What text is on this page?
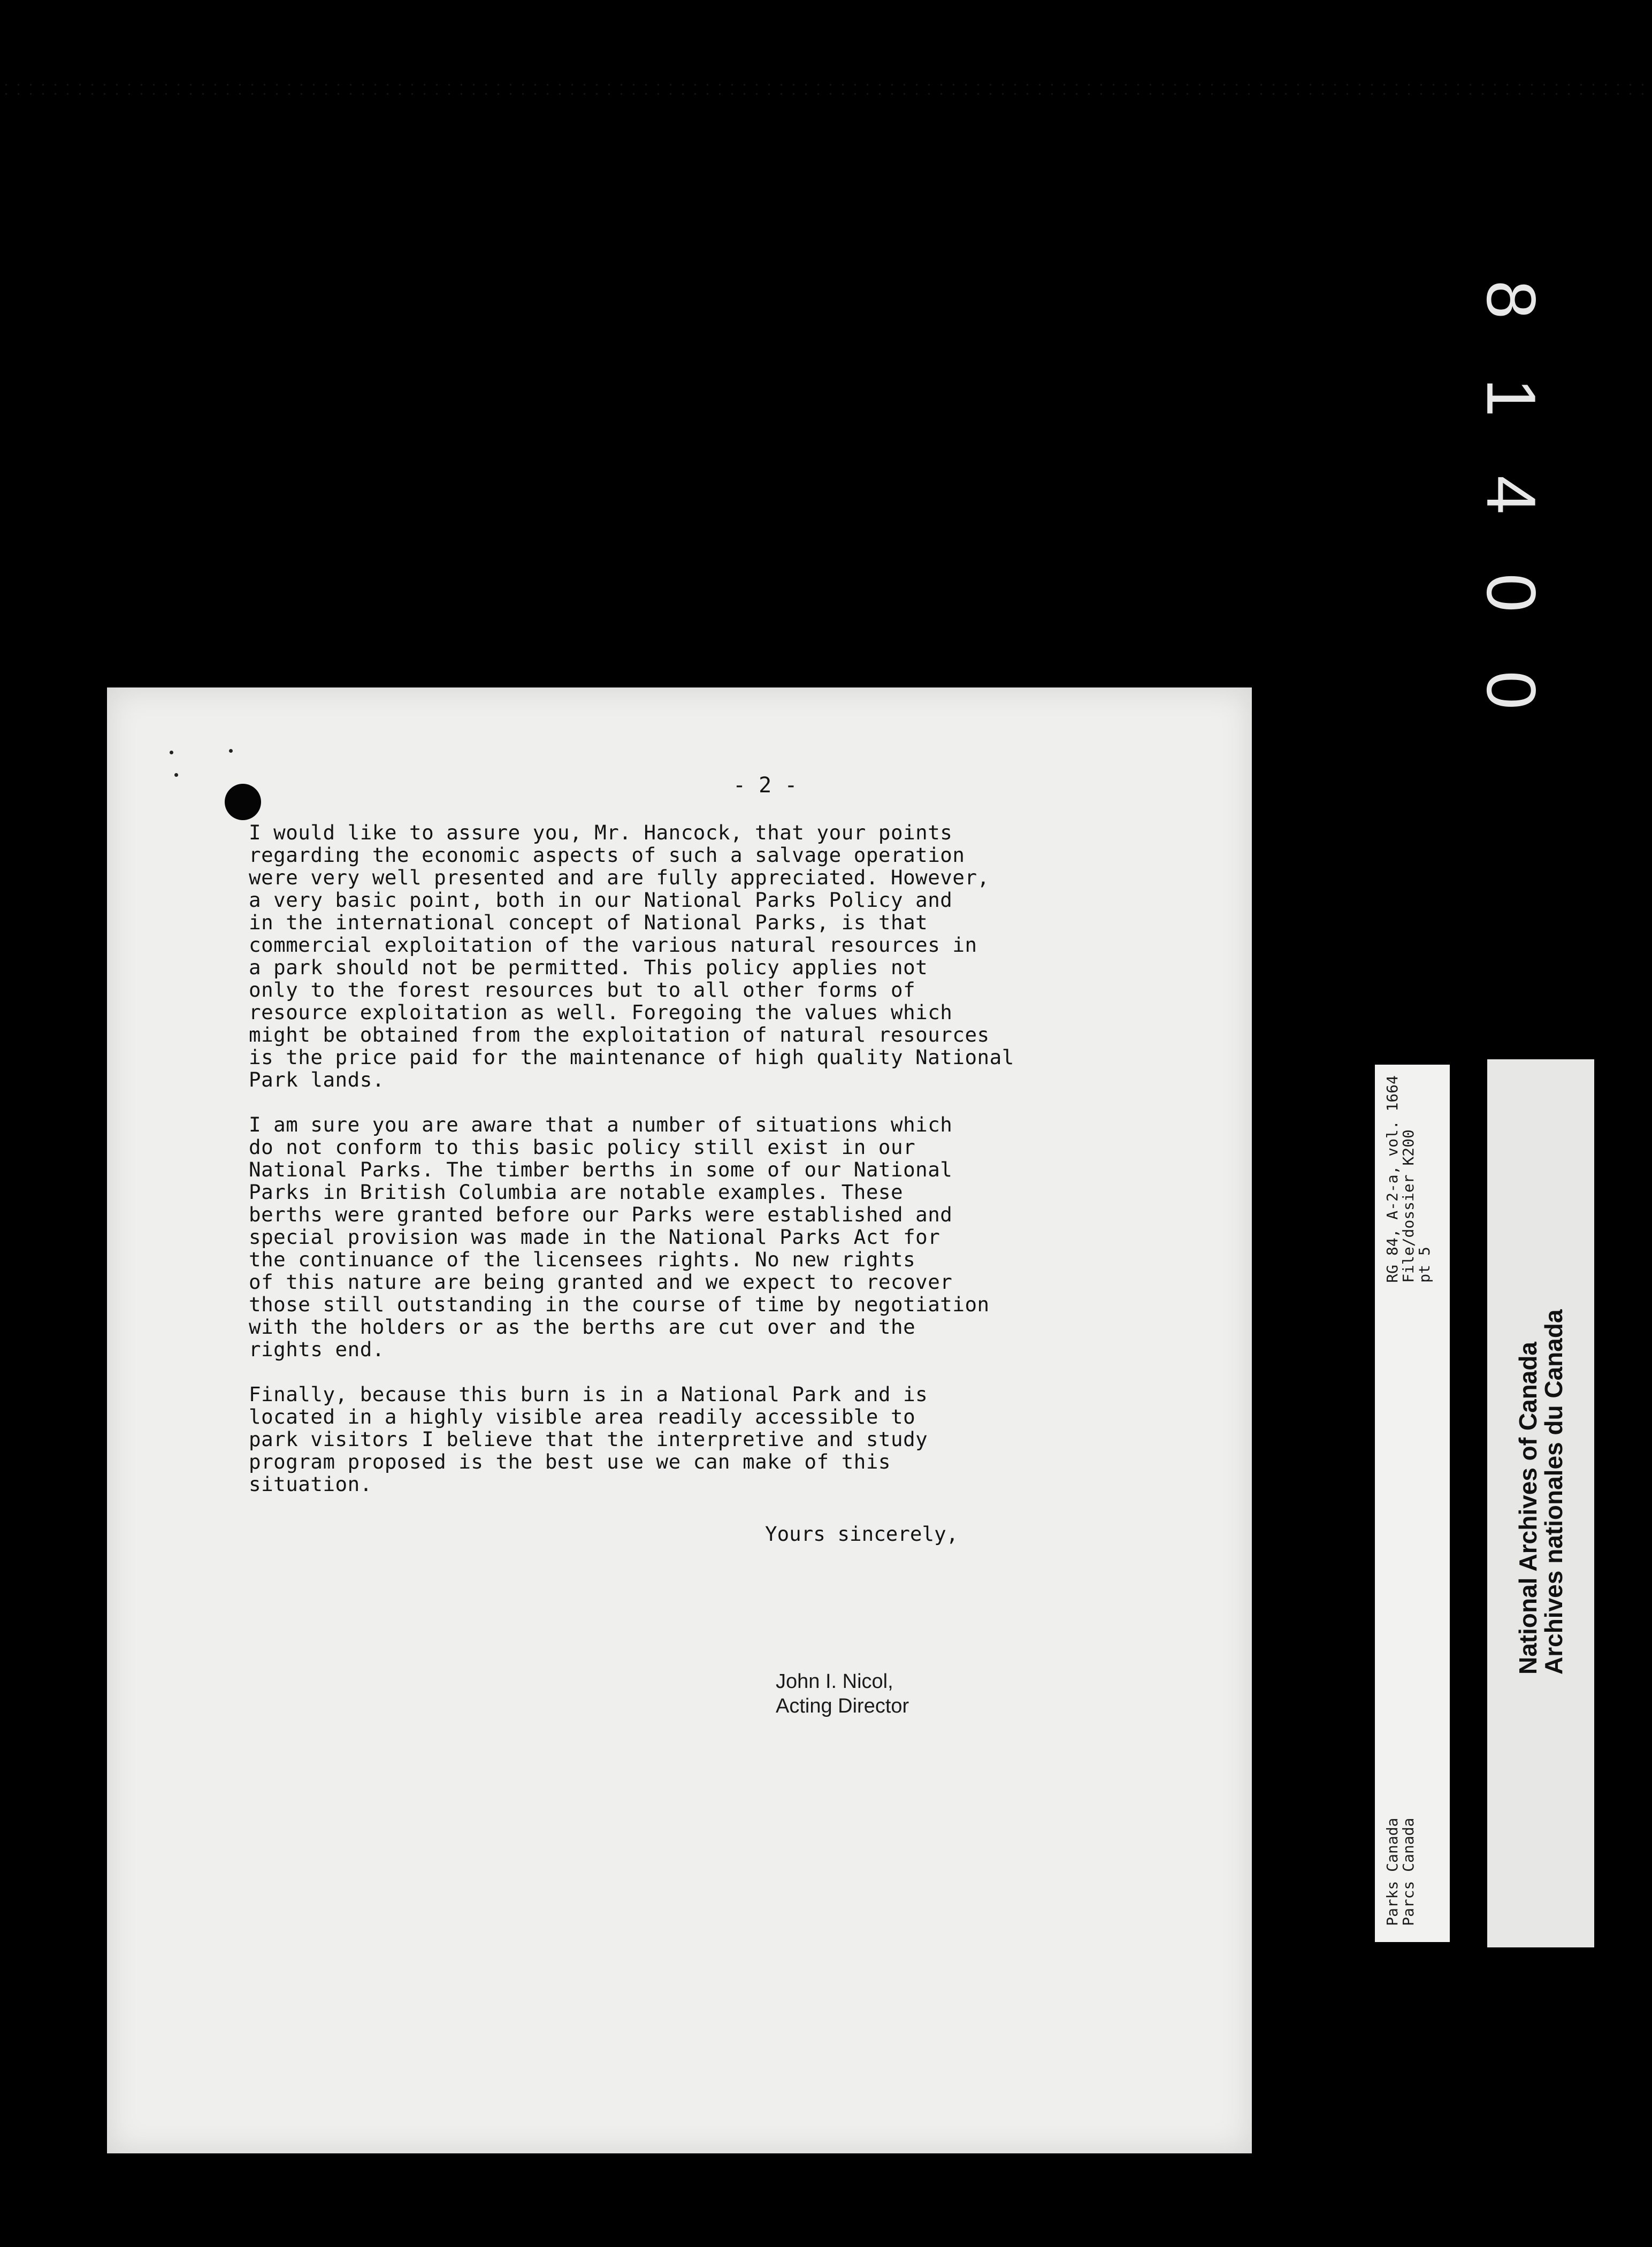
- 2 -

I would like to assure you, Mr. Hancock, that your points
regarding the economic aspects of such a salvage operation
were very well presented and are fully appreciated. However,
a very basic point, both in our National Parks Policy and
in the international concept of National Parks, is that
commercial exploitation of the various natural resources in
a park should not be permitted. This policy applies not
only to the forest resources but to all other forms of
resource exploitation as well. Foregoing the values which
might be obtained from the exploitation of natural resources
is the price paid for the maintenance of high quality National
Park lands.

I am sure you are aware that a number of situations which
do not conform to this basic policy still exist in our
National Parks. The timber berths in some of our National
Parks in British Columbia are notable examples. These
berths were granted before our Parks were established and
special provision was made in the National Parks Act for
the continuance of the licensees rights. No new rights
of this nature are being granted and we expect to recover
those still outstanding in the course of time by negotiation
with the holders or as the berths are cut over and the
rights end.

Finally, because this burn is in a National Park and is
located in a highly visible area readily accessible to
park visitors I believe that the interpretive and study
program proposed is the best use we can make of this
situation.

Yours sincerely,
John I. Nicol,
Acting Director
8
1
4
0
0
RG 84, A-2-a, vol. 1664
File/dossier K200
pt 5
Parks Canada
Parcs Canada
National Archives of Canada
Archives nationales du Canada
